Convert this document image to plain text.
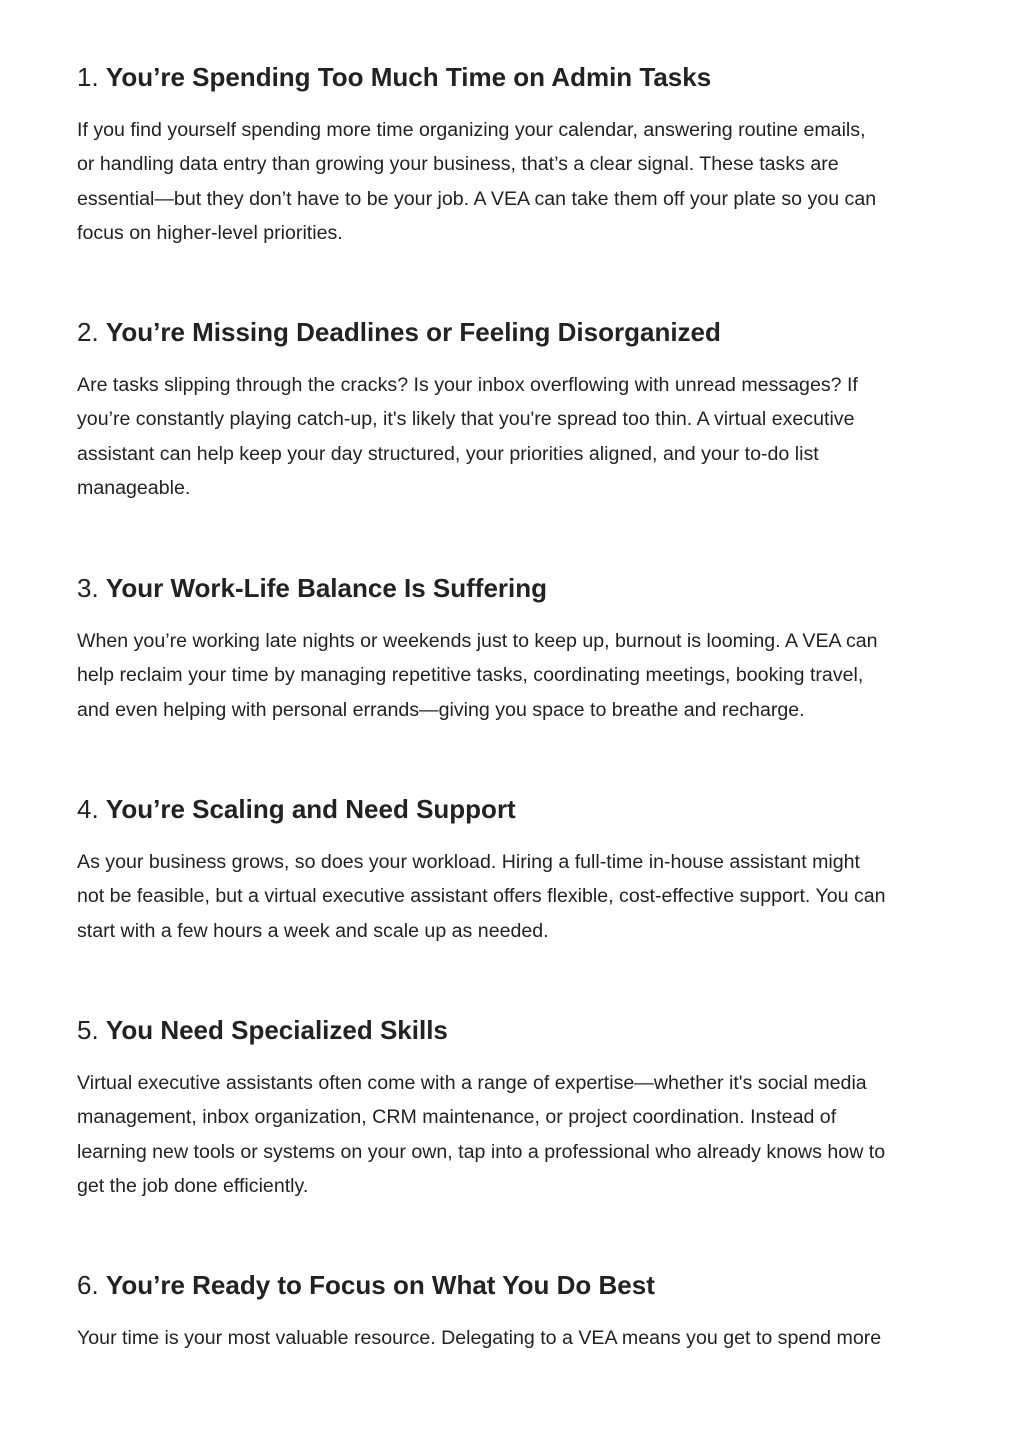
1. You’re Spending Too Much Time on Admin Tasks

If you find yourself spending more time organizing your calendar, answering routine emails,
or handling data entry than growing your business, that’s a clear signal. These tasks are
essential—but they don’t have to be your job. A VEA can take them off your plate so you can
focus on higher-level priorities.

2. You’re Missing Deadlines or Feeling Disorganized

Are tasks slipping through the cracks? Is your inbox overflowing with unread messages? If
you’re constantly playing catch-up, it's likely that you're spread too thin. A virtual executive
assistant can help keep your day structured, your priorities aligned, and your to-do list
manageable.

3. Your Work-Life Balance Is Suffering

When you’re working late nights or weekends just to keep up, burnout is looming. A VEA can
help reclaim your time by managing repetitive tasks, coordinating meetings, booking travel,
and even helping with personal errands—giving you space to breathe and recharge.

4. You’re Scaling and Need Support

As your business grows, so does your workload. Hiring a full-time in-house assistant might
not be feasible, but a virtual executive assistant offers flexible, cost-effective support. You can
start with a few hours a week and scale up as needed.

5. You Need Specialized Skills

Virtual executive assistants often come with a range of expertise—whether it's social media
management, inbox organization, CRM maintenance, or project coordination. Instead of
learning new tools or systems on your own, tap into a professional who already knows how to
get the job done efficiently.

6. You’re Ready to Focus on What You Do Best

Your time is your most valuable resource. Delegating to a VEA means you get to spend more
